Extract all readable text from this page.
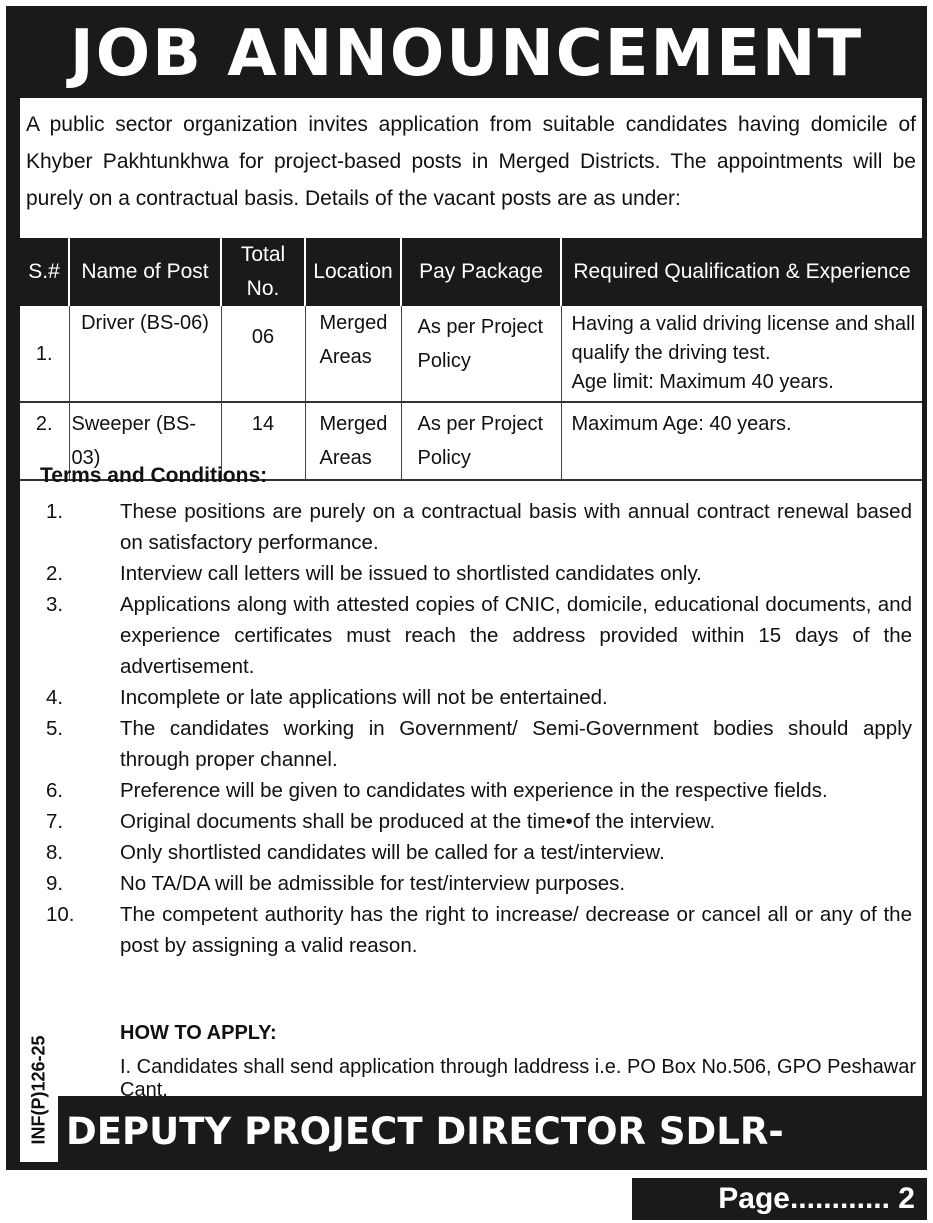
JOB ANNOUNCEMENT
A public sector organization invites application from suitable candidates having domicile of Khyber Pakhtunkhwa for project-based posts in Merged Districts. The appointments will be purely on a contractual basis. Details of the vacant posts are as under:
S.#	Name of Post	Total No.	Location	Pay Package	Required Qualification & Experience
1.	Driver (BS-06)	06	Merged Areas	As per Project Policy	Having a valid driving license and shall qualify the driving test.
Age limit: Maximum 40 years.

2.	Sweeper (BS-03)	14	Merged Areas	As per Project Policy	Maximum Age: 40 years.
Terms and Conditions:
1.	These positions are purely on a contractual basis with annual contract renewal based on satisfactory performance.
2.	Interview call letters will be issued to shortlisted candidates only.
3.	Applications along with attested copies of CNIC, domicile, educational documents, and experience certificates must reach the address provided within 15 days of the advertisement.
4.	Incomplete or late applications will not be entertained.
5.	The candidates working in Government/ Semi-Government bodies should apply through proper channel.
6.	Preference will be given to candidates with experience in the respective fields.
7.	Original documents shall be produced at the time•of the interview.
8.	Only shortlisted candidates will be called for a test/interview.
9.	No TA/DA will be admissible for test/interview purposes.
10. The competent authority has the right to increase/ decrease or cancel all or any of the post by assigning a valid reason.
HOW TO APPLY:
I. Candidates shall send application through laddress i.e. PO Box No.506, GPO Peshawar Cant.
INF(P)126-25 DEPUTY PROJECT DIRECTOR SDLR-MERGED DISTRICTS	Page............ 2
